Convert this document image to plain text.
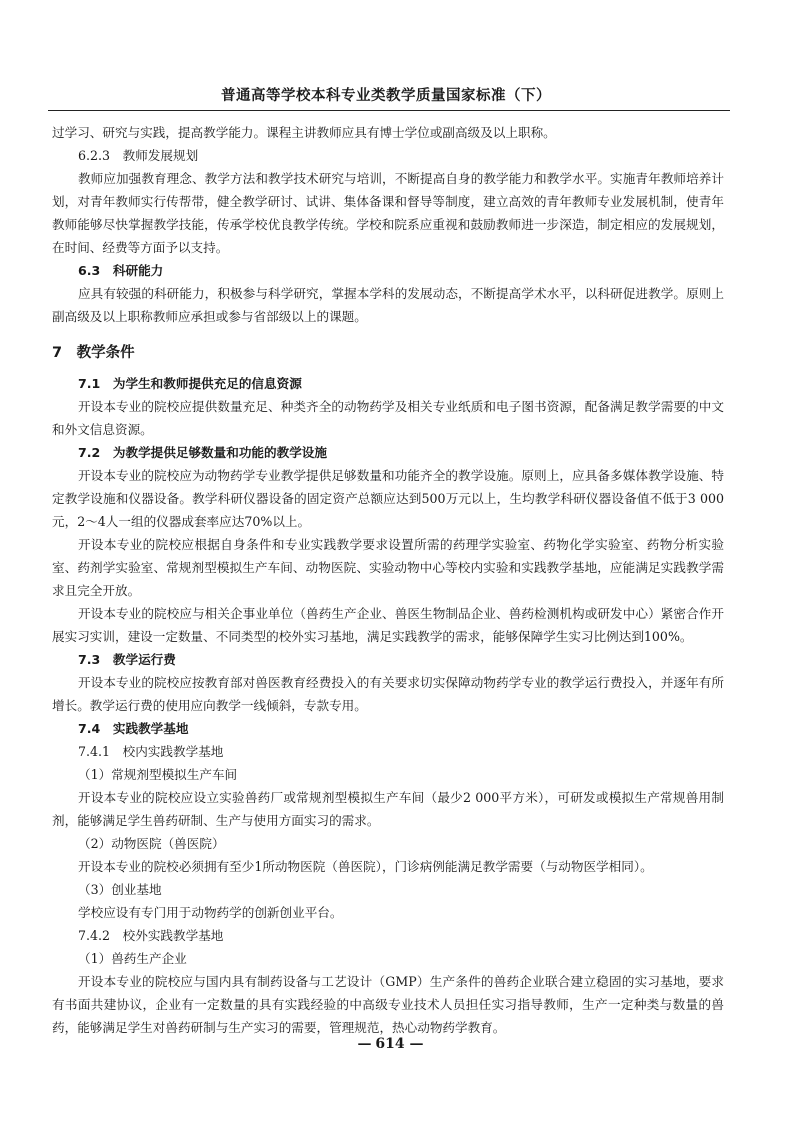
普通高等学校本科专业类教学质量国家标准（下）

过学习、研究与实践，提高教学能力。课程主讲教师应具有博士学位或副高级及以上职称。

6.2.3　教师发展规划

教师应加强教育理念、教学方法和教学技术研究与培训，不断提高自身的教学能力和教学水平。实施青年教师培养计划，对青年教师实行传帮带，健全教学研讨、试讲、集体备课和督导等制度，建立高效的青年教师专业发展机制，使青年教师能够尽快掌握教学技能，传承学校优良教学传统。学校和院系应重视和鼓励教师进一步深造，制定相应的发展规划，在时间、经费等方面予以支持。

6.3　科研能力

应具有较强的科研能力，积极参与科学研究，掌握本学科的发展动态，不断提高学术水平，以科研促进教学。原则上副高级及以上职称教师应承担或参与省部级以上的课题。

7　教学条件

7.1　为学生和教师提供充足的信息资源

开设本专业的院校应提供数量充足、种类齐全的动物药学及相关专业纸质和电子图书资源，配备满足教学需要的中文和外文信息资源。

7.2　为教学提供足够数量和功能的教学设施

开设本专业的院校应为动物药学专业教学提供足够数量和功能齐全的教学设施。原则上，应具备多媒体教学设施、特定教学设施和仪器设备。教学科研仪器设备的固定资产总额应达到500万元以上，生均教学科研仪器设备值不低于3 000元，2～4人一组的仪器成套率应达70%以上。

开设本专业的院校应根据自身条件和专业实践教学要求设置所需的药理学实验室、药物化学实验室、药物分析实验室、药剂学实验室、常规剂型模拟生产车间、动物医院、实验动物中心等校内实验和实践教学基地，应能满足实践教学需求且完全开放。

开设本专业的院校应与相关企事业单位（兽药生产企业、兽医生物制品企业、兽药检测机构或研发中心）紧密合作开展实习实训，建设一定数量、不同类型的校外实习基地，满足实践教学的需求，能够保障学生实习比例达到100%。

7.3　教学运行费

开设本专业的院校应按教育部对兽医教育经费投入的有关要求切实保障动物药学专业的教学运行费投入，并逐年有所增长。教学运行费的使用应向教学一线倾斜，专款专用。

7.4　实践教学基地

7.4.1　校内实践教学基地

（1）常规剂型模拟生产车间

开设本专业的院校应设立实验兽药厂或常规剂型模拟生产车间（最少2 000平方米），可研发或模拟生产常规兽用制剂，能够满足学生兽药研制、生产与使用方面实习的需求。

（2）动物医院（兽医院）

开设本专业的院校必须拥有至少1所动物医院（兽医院），门诊病例能满足教学需要（与动物医学相同）。

（3）创业基地

学校应设有专门用于动物药学的创新创业平台。

7.4.2　校外实践教学基地

（1）兽药生产企业

开设本专业的院校应与国内具有制药设备与工艺设计（GMP）生产条件的兽药企业联合建立稳固的实习基地，要求有书面共建协议，企业有一定数量的具有实践经验的中高级专业技术人员担任实习指导教师，生产一定种类与数量的兽药，能够满足学生对兽药研制与生产实习的需要，管理规范，热心动物药学教育。

— 614 —
